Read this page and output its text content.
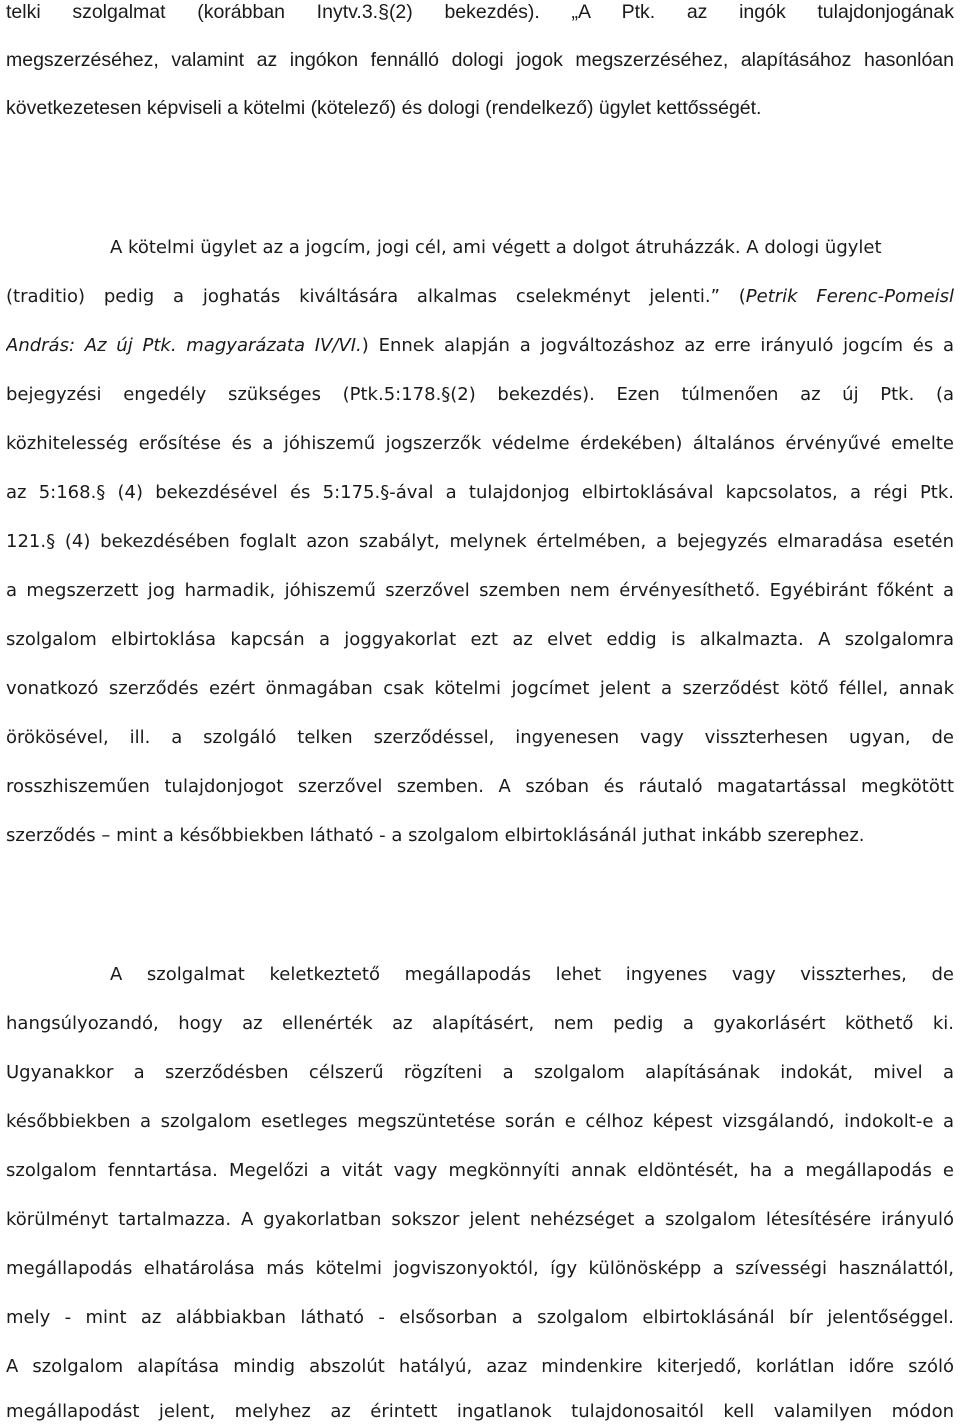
telki szolgalmat (korábban Inytv.3.§(2) bekezdés). „A Ptk. az ingók tulajdonjogának
megszerzéséhez, valamint az ingókon fennálló dologi jogok megszerzéséhez, alapításához hasonlóan
következetesen képviseli a kötelmi (kötelező) és dologi (rendelkező) ügylet kettősségét.
A kötelmi ügylet az a jogcím, jogi cél, ami végett a dolgot átruházzák. A dologi ügylet
(traditio) pedig a joghatás kiváltására alkalmas cselekményt jelenti.” (Petrik Ferenc-Pomeisl
András: Az új Ptk. magyarázata IV/VI.) Ennek alapján a jogváltozáshoz az erre irányuló jogcím és a
bejegyzési engedély szükséges (Ptk.5:178.§(2) bekezdés). Ezen túlmenően az új Ptk. (a
közhitelesség erősítése és a jóhiszemű jogszerzők védelme érdekében) általános érvényűvé emelte
az 5:168.§ (4) bekezdésével és 5:175.§-ával a tulajdonjog elbirtoklásával kapcsolatos, a régi Ptk.
121.§ (4) bekezdésében foglalt azon szabályt, melynek értelmében, a bejegyzés elmaradása esetén
a megszerzett jog harmadik, jóhiszemű szerzővel szemben nem érvényesíthető. Egyébiránt főként a
szolgalom elbirtoklása kapcsán a joggyakorlat ezt az elvet eddig is alkalmazta. A szolgalomra
vonatkozó szerződés ezért önmagában csak kötelmi jogcímet jelent a szerződést kötő féllel, annak
örökösével, ill. a szolgáló telken szerződéssel, ingyenesen vagy visszterhesen ugyan, de
rosszhiszeműen tulajdonjogot szerzővel szemben. A szóban és ráutaló magatartással megkötött
szerződés – mint a későbbiekben látható - a szolgalom elbirtoklásánál juthat inkább szerephez.
A szolgalmat keletkeztető megállapodás lehet ingyenes vagy visszterhes, de
hangsúlyozandó, hogy az ellenérték az alapításért, nem pedig a gyakorlásért köthető ki.
Ugyanakkor a szerződésben célszerű rögzíteni a szolgalom alapításának indokát, mivel a
későbbiekben a szolgalom esetleges megszüntetése során e célhoz képest vizsgálandó, indokolt-e a
szolgalom fenntartása. Megelőzi a vitát vagy megkönnyíti annak eldöntését, ha a megállapodás e
körülményt tartalmazza. A gyakorlatban sokszor jelent nehézséget a szolgalom létesítésére irányuló
megállapodás elhatárolása más kötelmi jogviszonyoktól, így különösképp a szívességi használattól,
mely - mint az alábbiakban látható - elsősorban a szolgalom elbirtoklásánál bír jelentőséggel.
A szolgalom alapítása mindig abszolút hatályú, azaz mindenkire kiterjedő, korlátlan időre szóló
megállapodást jelent, melyhez az érintett ingatlanok tulajdonosaitól kell valamilyen módon
